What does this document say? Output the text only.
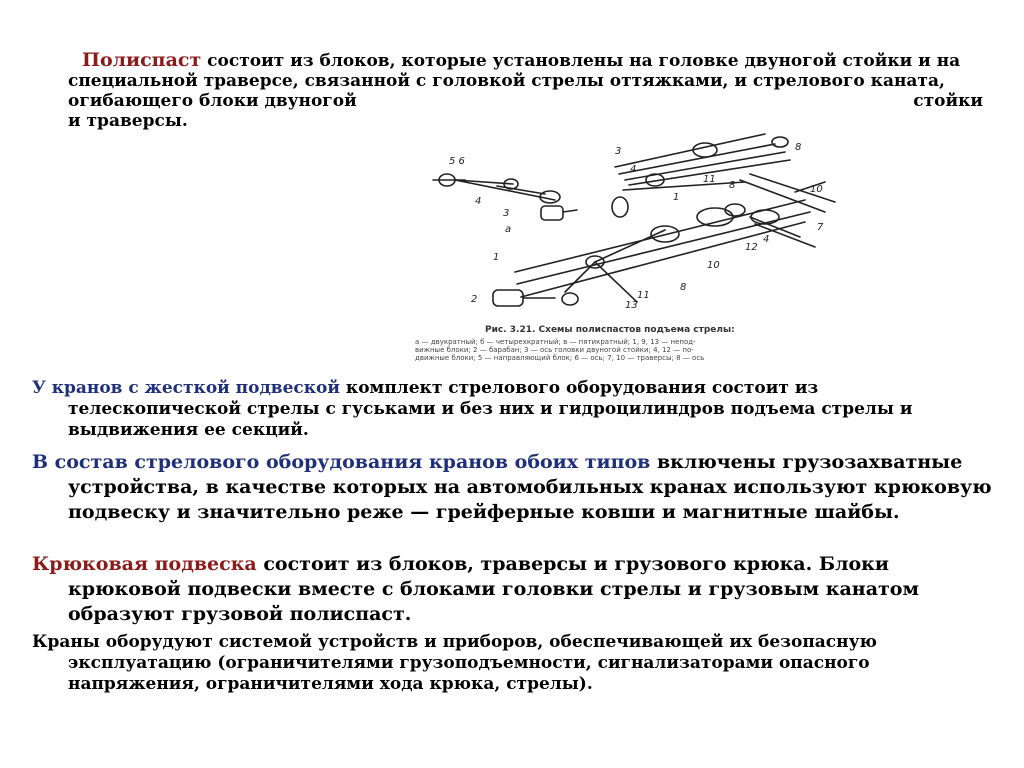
Полиспаст состоит из блоков, которые установлены на головке двуногой стойки и на
специальной траверсе, связанной с головкой стрелы оттяжками, и стрелового каната,
огибающего блоки двуногой	стойки
и траверсы.
5 6
4
3
a
1
2
3
4
1
11
8
8
10
7
12
4
10
11
13
8
Рис. 3.21. Схемы полиспастов подъема стрелы:
а — двукратный; б — четырехкратный; в — пятикратный; 1, 9, 13 — непод-
вижные блоки; 2 — барабан; 3 — ось головки двуногой стойки; 4, 12 — по-
движные блоки; 5 — направляющий блок; 6 — ось; 7, 10 — траверсы; 8 — ось
У кранов с жесткой подвеской комплект стрелового оборудования состоит из
телескопической стрелы с гуськами и без них и гидроцилиндров подъема стрелы и выдвижения ее секций.
В состав стрелового оборудования кранов обоих типов включены грузозахватные
устройства, в качестве которых на автомобильных кранах используют крюковую подвеску и значительно реже — грейферные ковши и магнитные шайбы.
Крюковая подвеска состоит из блоков, траверсы и грузового крюка. Блоки
крюковой подвески вместе с блоками головки стрелы и грузовым канатом образуют грузовой полиспаст.
Краны оборудуют системой устройств и приборов, обеспечивающей их безопасную
эксплуатацию (ограничителями грузоподъемности, сигнализаторами опасного напряжения, ограничителями хода крюка, стрелы).
